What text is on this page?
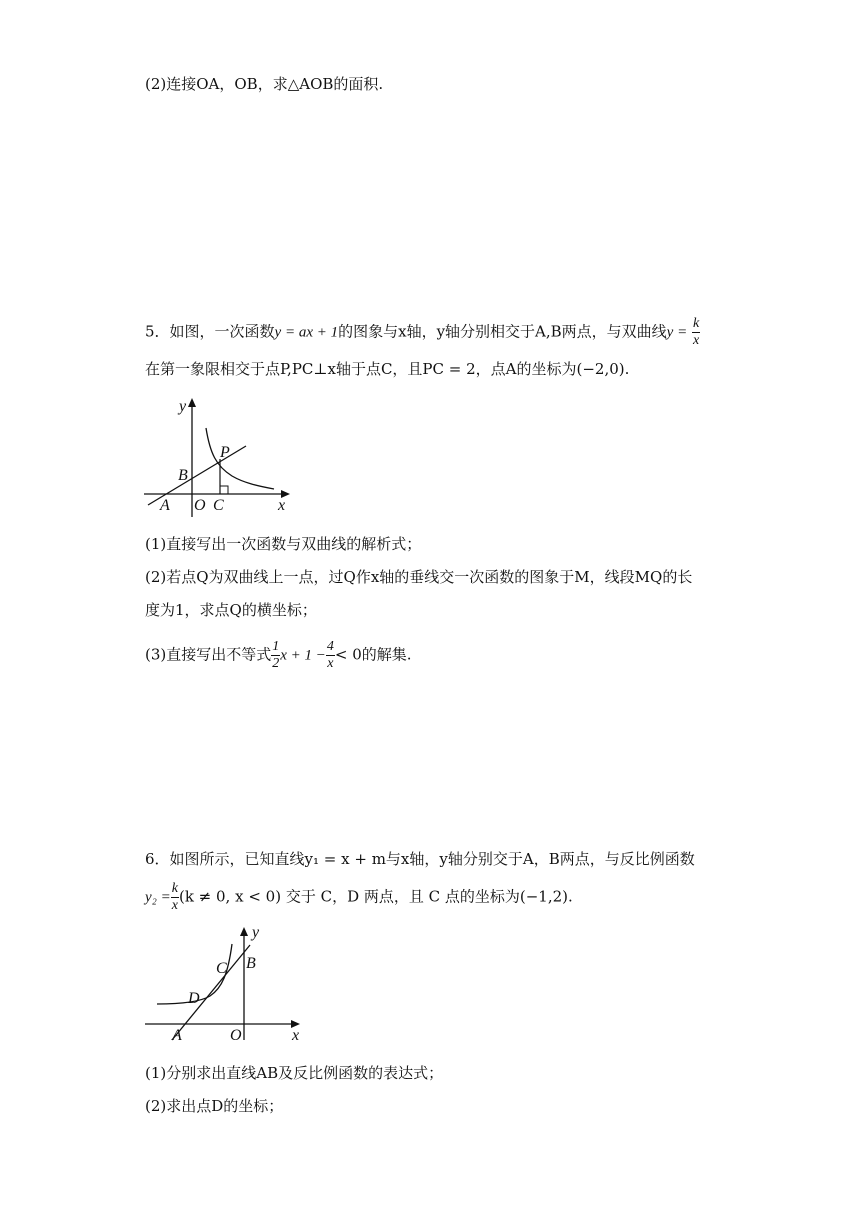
(2)连接OA，OB，求△AOB的面积.
5．如图，一次函数y = ax + 1的图象与x轴，y轴分别相交于A,B两点，与双曲线$y = \frac{k}{x}$
在第一象限相交于点P,PC⊥x轴于点C，且PC = 2，点A的坐标为(−2,0).
y
P
B
A O C	x
(1)直接写出一次函数与双曲线的解析式；
(2)若点Q为双曲线上一点，过Q作x轴的垂线交一次函数的图象于M，线段MQ的长
度为1，求点Q的横坐标；
(3)直接写出不等式 $\frac{1}{2}$ $x + 1 - \frac{4}{x} < 0$的解集.
6．如图所示，已知直线y₁ = x + m与x轴，y轴分别交于A，B两点，与反比例函数
$y_2 = \frac{k}{x} (k \ne 0$, x < 0) 交于 C，D 两点，且 C 点的坐标为(−1,2).
y
C B
D
A	O	x
(1)分别求出直线AB及反比例函数的表达式；
(2)求出点D的坐标；
